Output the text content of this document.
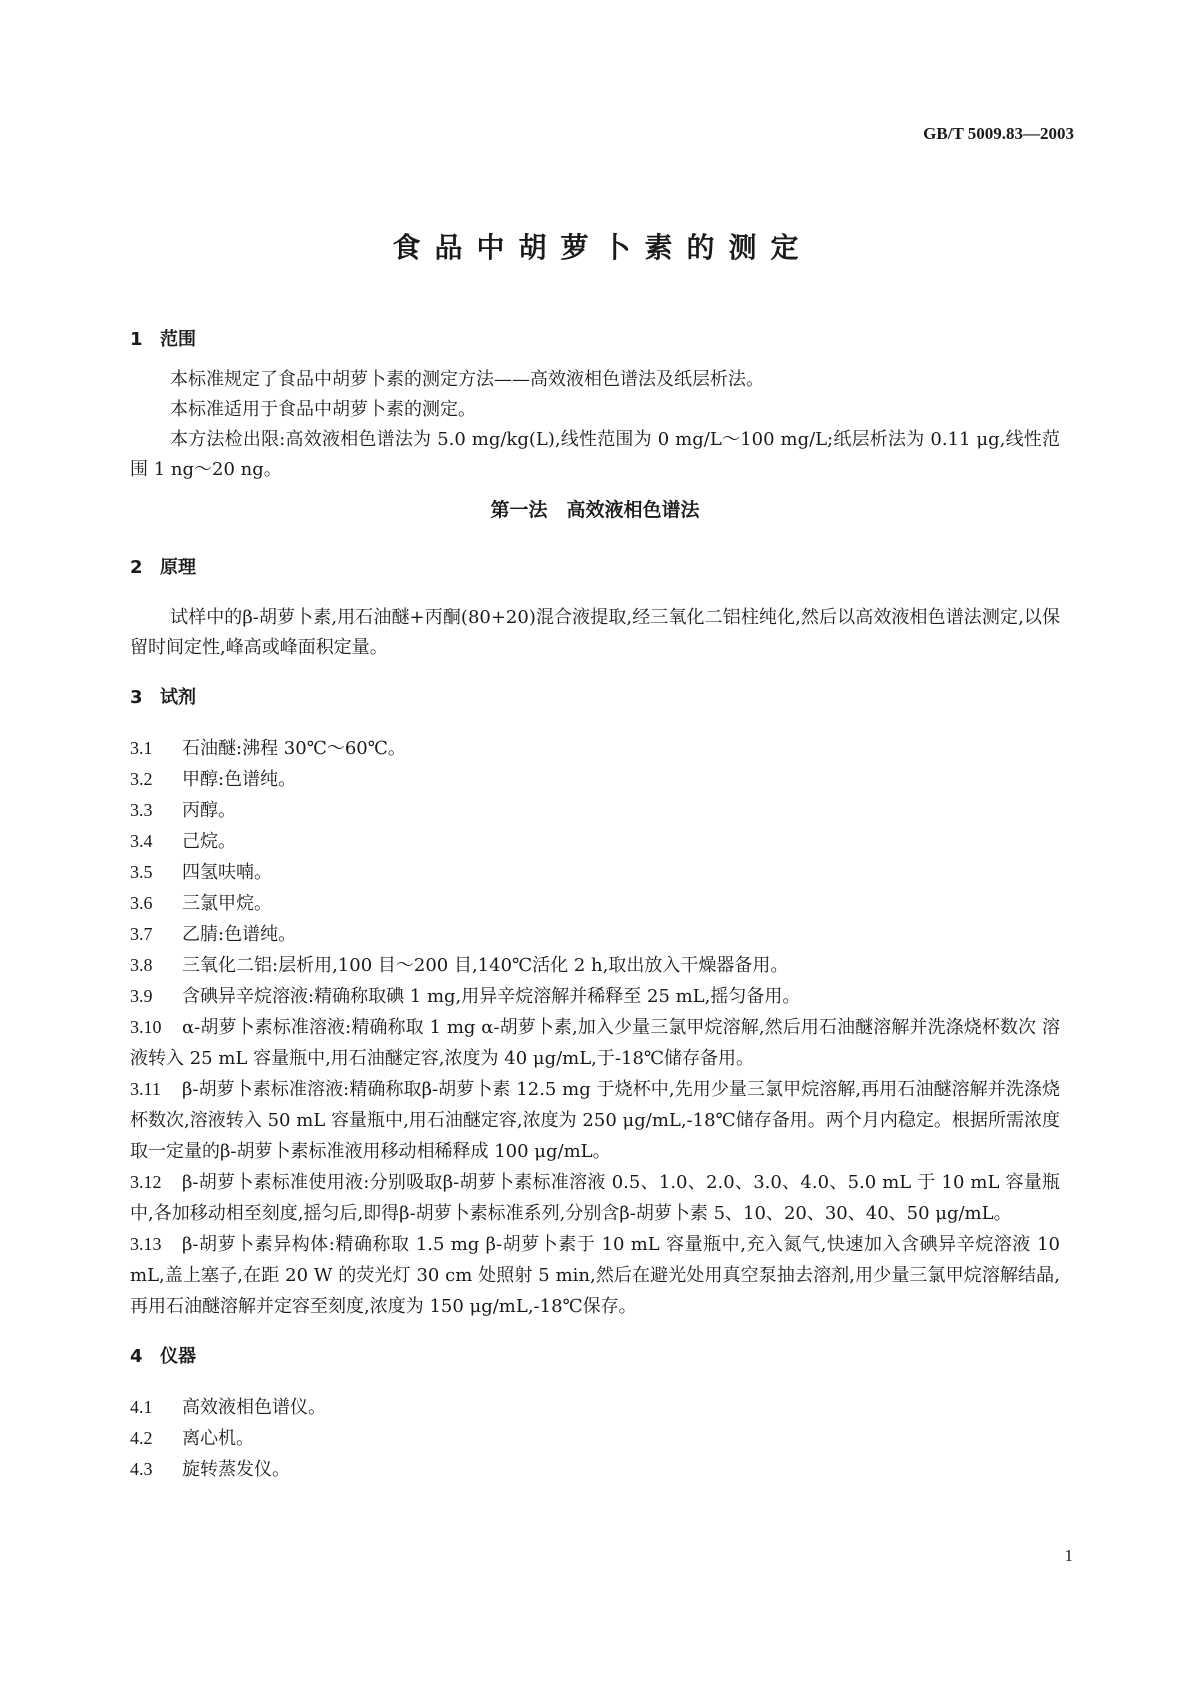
GB/T 5009.83—2003
食品中胡萝卜素的测定
1 范围
本标准规定了食品中胡萝卜素的测定方法——高效液相色谱法及纸层析法。
本标准适用于食品中胡萝卜素的测定。
本方法检出限:高效液相色谱法为 5.0 mg/kg(L),线性范围为 0 mg/L～100 mg/L;纸层析法为 0.11 μg,线性范围 1 ng～20 ng。
第一法　高效液相色谱法
2 原理
试样中的β-胡萝卜素,用石油醚+丙酮(80+20)混合液提取,经三氧化二铝柱纯化,然后以高效液相色谱法测定,以保留时间定性,峰高或峰面积定量。
3 试剂
3.1 石油醚:沸程 30℃～60℃。
3.2 甲醇:色谱纯。
3.3 丙醇。
3.4 己烷。
3.5 四氢呋喃。
3.6 三氯甲烷。
3.7 乙腈:色谱纯。
3.8 三氧化二铝:层析用,100 目～200 目,140℃活化 2 h,取出放入干燥器备用。
3.9 含碘异辛烷溶液:精确称取碘 1 mg,用异辛烷溶解并稀释至 25 mL,摇匀备用。
3.10 α-胡萝卜素标准溶液:精确称取 1 mg α-胡萝卜素,加入少量三氯甲烷溶解,然后用石油醚溶解并洗涤烧杯数次 溶液转入 25 mL 容量瓶中,用石油醚定容,浓度为 40 μg/mL,于-18℃储存备用。
3.11 β-胡萝卜素标准溶液:精确称取β-胡萝卜素 12.5 mg 于烧杯中,先用少量三氯甲烷溶解,再用石油醚溶解并洗涤烧杯数次,溶液转入 50 mL 容量瓶中,用石油醚定容,浓度为 250 μg/mL,-18℃储存备用。两个月内稳定。根据所需浓度取一定量的β-胡萝卜素标准液用移动相稀释成 100 μg/mL。
3.12 β-胡萝卜素标准使用液:分别吸取β-胡萝卜素标准溶液 0.5、1.0、2.0、3.0、4.0、5.0 mL 于 10 mL 容量瓶中,各加移动相至刻度,摇匀后,即得β-胡萝卜素标准系列,分别含β-胡萝卜素 5、10、20、30、40、50 μg/mL。
3.13 β-胡萝卜素异构体:精确称取 1.5 mg β-胡萝卜素于 10 mL 容量瓶中,充入氮气,快速加入含碘异辛烷溶液 10 mL,盖上塞子,在距 20 W 的荧光灯 30 cm 处照射 5 min,然后在避光处用真空泵抽去溶剂,用少量三氯甲烷溶解结晶,再用石油醚溶解并定容至刻度,浓度为 150 μg/mL,-18℃保存。
4 仪器
4.1 高效液相色谱仪。
4.2 离心机。
4.3 旋转蒸发仪。
1
